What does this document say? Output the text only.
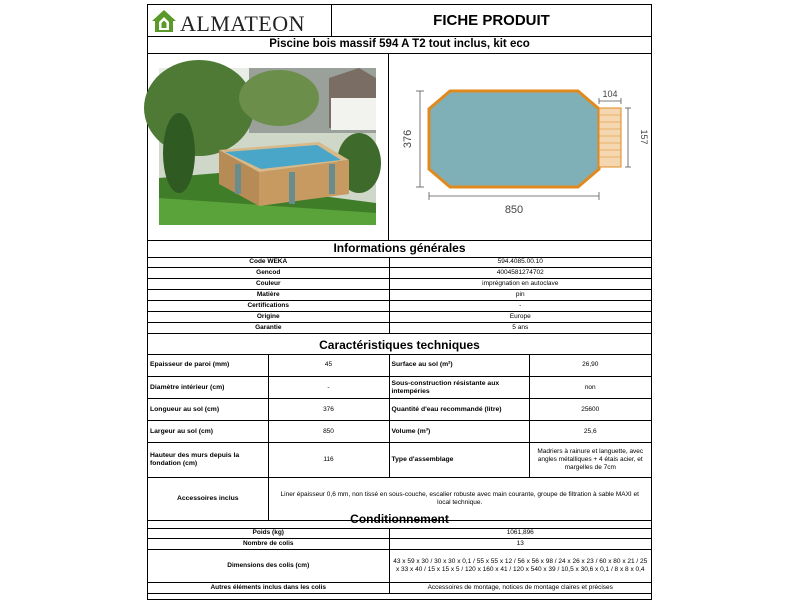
ALMATEON	FICHE PRODUIT
Piscine bois massif 594 A T2 tout inclus, kit eco
850
376
104
157
Informations générales
Code WEKA	594.4085.00.10
Gencod	4004581274702
Couleur	imprégnation en autoclave
Matière	pin
Certifications	-
Origine	Europe
Garantie	5 ans
Caractéristiques techniques
Epaisseur de paroi (mm)	45	Surface au sol (m²)	26,90
Diamètre intérieur (cm)	-	Sous-construction résistante aux intempéries	non
Longueur au sol (cm)	376	Quantité d'eau recommandé (litre)	25600
Largeur au sol (cm)	850	Volume (m³)	25,6
Hauteur des murs depuis la fondation (cm)	116	Type d'assemblage	Madriers à rainure et languette, avec angles métalliques + 4 étais acier, et margelles de 7cm
Accessoires inclus	Liner épaisseur 0,6 mm, non tissé en sous-couche, escalier robuste avec main courante, groupe de filtration à sable MAXI et local technique.		
Conditionnement
Poids (kg)	1061,896
Nombre de colis	13
Dimensions des colis (cm)	43 x 59 x 30 / 30 x 30 x 0,1 / 55 x 55 x 12 / 56 x 56 x 98 / 24 x 26 x 23 / 60 x 80 x 21 / 25 x 33 x 40 / 15 x 15 x 5 / 120 x 160 x 41 / 120 x 540 x 39 / 10,5 x 30,6 x 0,1 / 8 x 8 x 0,4
Autres éléments inclus dans les colis	Accessoires de montage, notices de montage claires et précises
